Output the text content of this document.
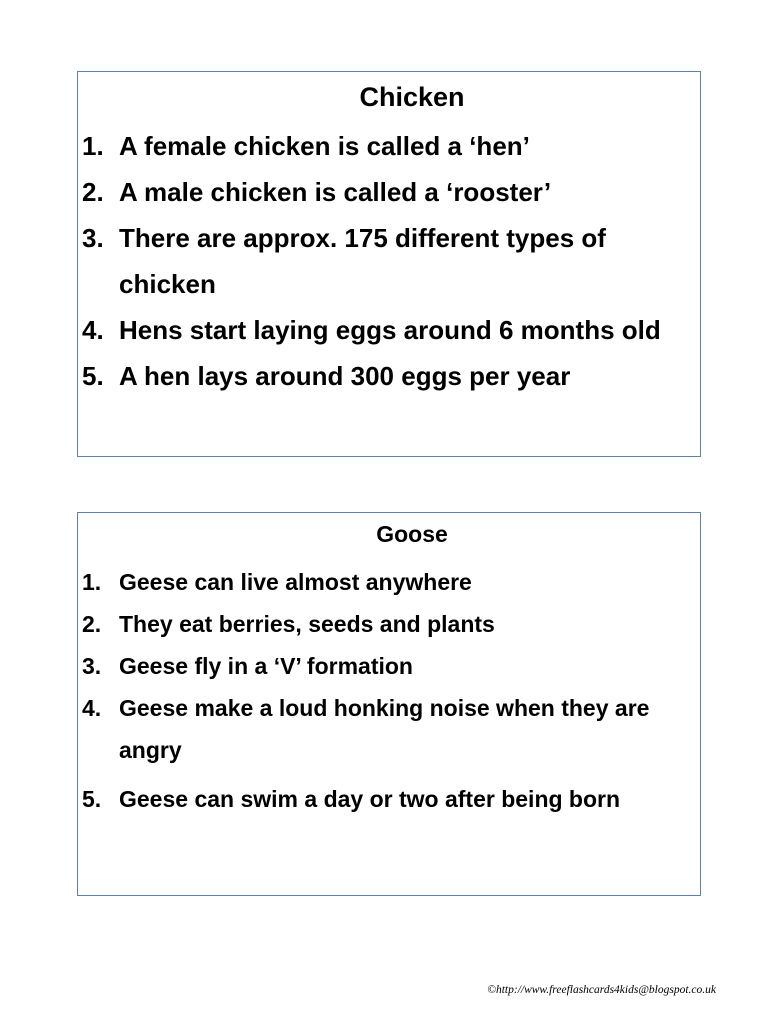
Chicken
1. A female chicken is called a ‘hen’
2. A male chicken is called a ‘rooster’
3. There are approx. 175 different types of chicken
4. Hens start laying eggs around 6 months old
5. A hen lays around 300 eggs per year
Goose
1. Geese can live almost anywhere
2. They eat berries, seeds and plants
3. Geese fly in a ‘V’ formation
4. Geese make a loud honking noise when they are angry
5. Geese can swim a day or two after being born
©http://www.freeflashcards4kids@blogspot.co.uk
